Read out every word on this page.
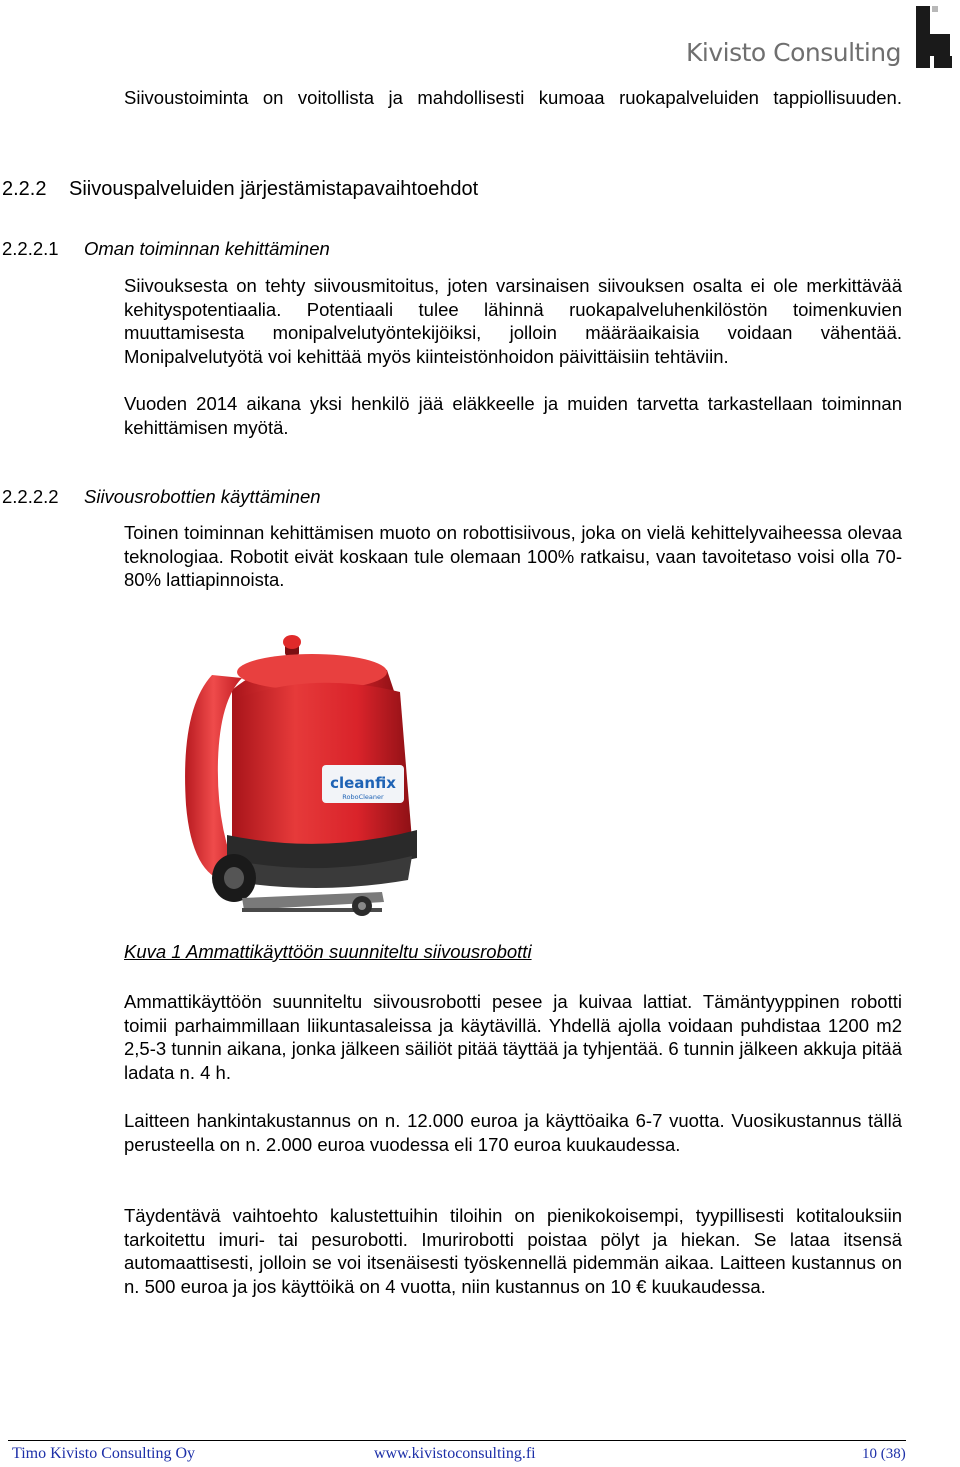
Kivisto Consulting

Siivoustoiminta on voitollista ja mahdollisesti kumoaa ruokapalveluiden tappiollisuuden.

2.2.2 Siivouspalveluiden järjestämistapavaihtoehdot
2.2.2.1 Oman toiminnan kehittäminen

Siivouksesta on tehty siivousmitoitus, joten varsinaisen siivouksen osalta ei ole merkittävää kehityspotentiaalia. Potentiaali tulee lähinnä ruokapalveluhenkilöstön toimenkuvien muuttamisesta monipalvelutyöntekijöiksi, jolloin määräaikaisia voidaan vähentää. Monipalvelutyötä voi kehittää myös kiinteistönhoidon päivittäisiin tehtäviin.

Vuoden 2014 aikana yksi henkilö jää eläkkeelle ja muiden tarvetta tarkastellaan toiminnan kehittämisen myötä.

2.2.2.2 Siivousrobottien käyttäminen

Toinen toiminnan kehittämisen muoto on robottisiivous, joka on vielä kehittelyvaiheessa olevaa teknologiaa. Robotit eivät koskaan tule olemaan 100% ratkaisu, vaan tavoitetaso voisi olla 70-80% lattiapinnoista.

cleanfix
RoboCleaner
Kuva 1 Ammattikäyttöön suunniteltu siivousrobotti

Ammattikäyttöön suunniteltu siivousrobotti pesee ja kuivaa lattiat. Tämäntyyppinen robotti toimii parhaimmillaan liikuntasaleissa ja käytävillä. Yhdellä ajolla voidaan puhdistaa 1200 m2 2,5-3 tunnin aikana, jonka jälkeen säiliöt pitää täyttää ja tyhjentää. 6 tunnin jälkeen akkuja pitää ladata n. 4 h.

Laitteen hankintakustannus on n. 12.000 euroa ja käyttöaika 6-7 vuotta. Vuosikustannus tällä perusteella on n. 2.000 euroa vuodessa eli 170 euroa kuukaudessa.

Täydentävä vaihtoehto kalustettuihin tiloihin on pienikokoisempi, tyypillisesti kotitalouksiin tarkoitettu imuri- tai pesurobotti. Imurirobotti poistaa pölyt ja hiekan. Se lataa itsensä automaattisesti, jolloin se voi itsenäisesti työskennellä pidemmän aikaa. Laitteen kustannus on n. 500 euroa ja jos käyttöikä on 4 vuotta, niin kustannus on 10 € kuukaudessa.

Timo Kivisto Consulting Oy	www.kivistoconsulting.fi	10 (38)
